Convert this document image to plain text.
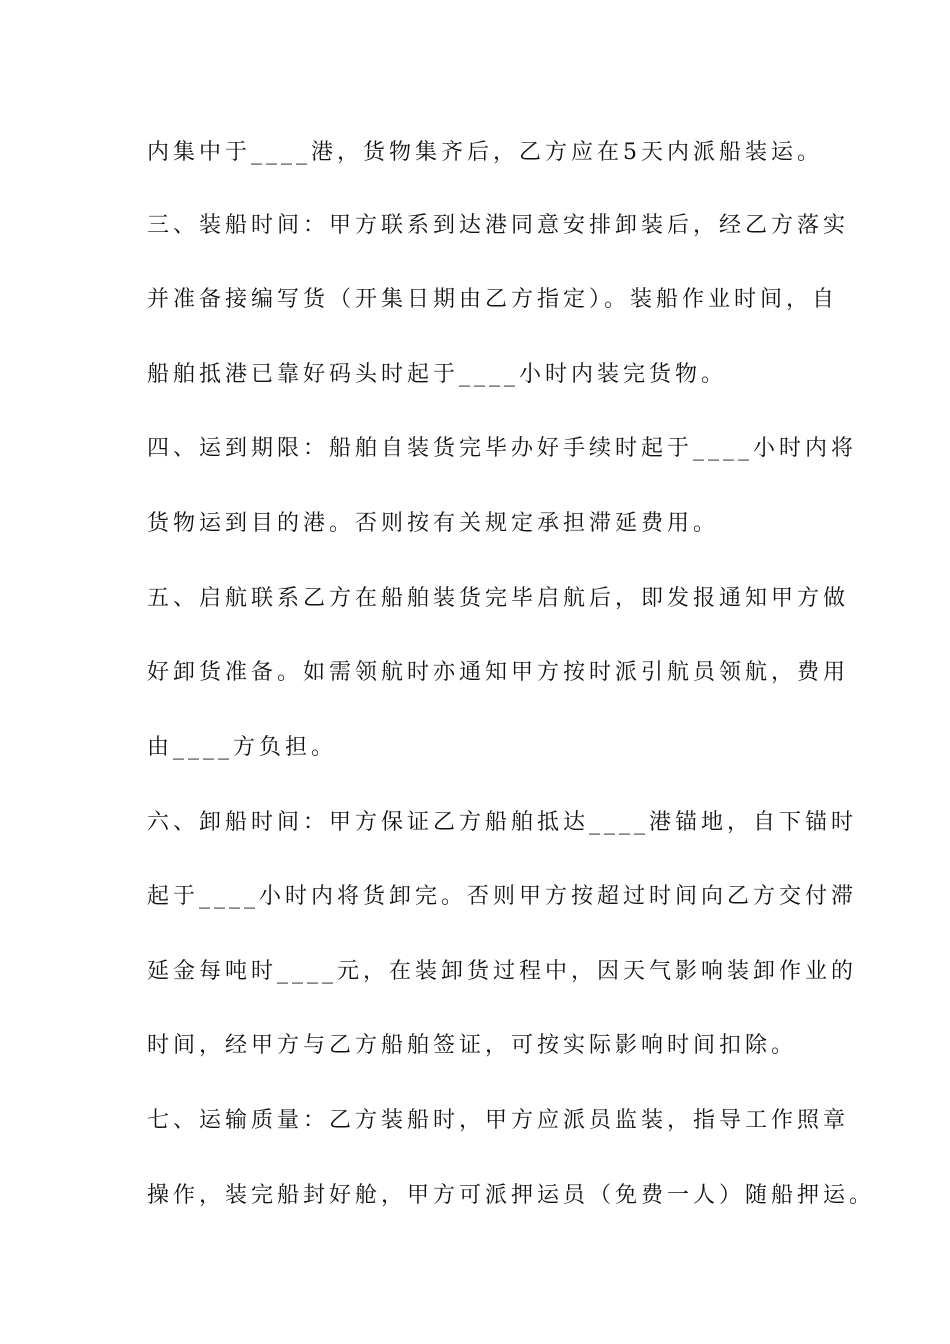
内集中于____港，货物集齐后，乙方应在5天内派船装运。
三、装船时间：甲方联系到达港同意安排卸装后，经乙方落实
并准备接编写货（开集日期由乙方指定）。装船作业时间，自
船舶抵港已靠好码头时起于____小时内装完货物。
四、运到期限：船舶自装货完毕办好手续时起于____小时内将
货物运到目的港。否则按有关规定承担滞延费用。
五、启航联系乙方在船舶装货完毕启航后，即发报通知甲方做
好卸货准备。如需领航时亦通知甲方按时派引航员领航，费用
由____方负担。
六、卸船时间：甲方保证乙方船舶抵达____港锚地，自下锚时
起于____小时内将货卸完。否则甲方按超过时间向乙方交付滞
延金每吨时____元，在装卸货过程中，因天气影响装卸作业的
时间，经甲方与乙方船舶签证，可按实际影响时间扣除。
七、运输质量：乙方装船时，甲方应派员监装，指导工作照章
操作，装完船封好舱，甲方可派押运员（免费一人）随船押运。
